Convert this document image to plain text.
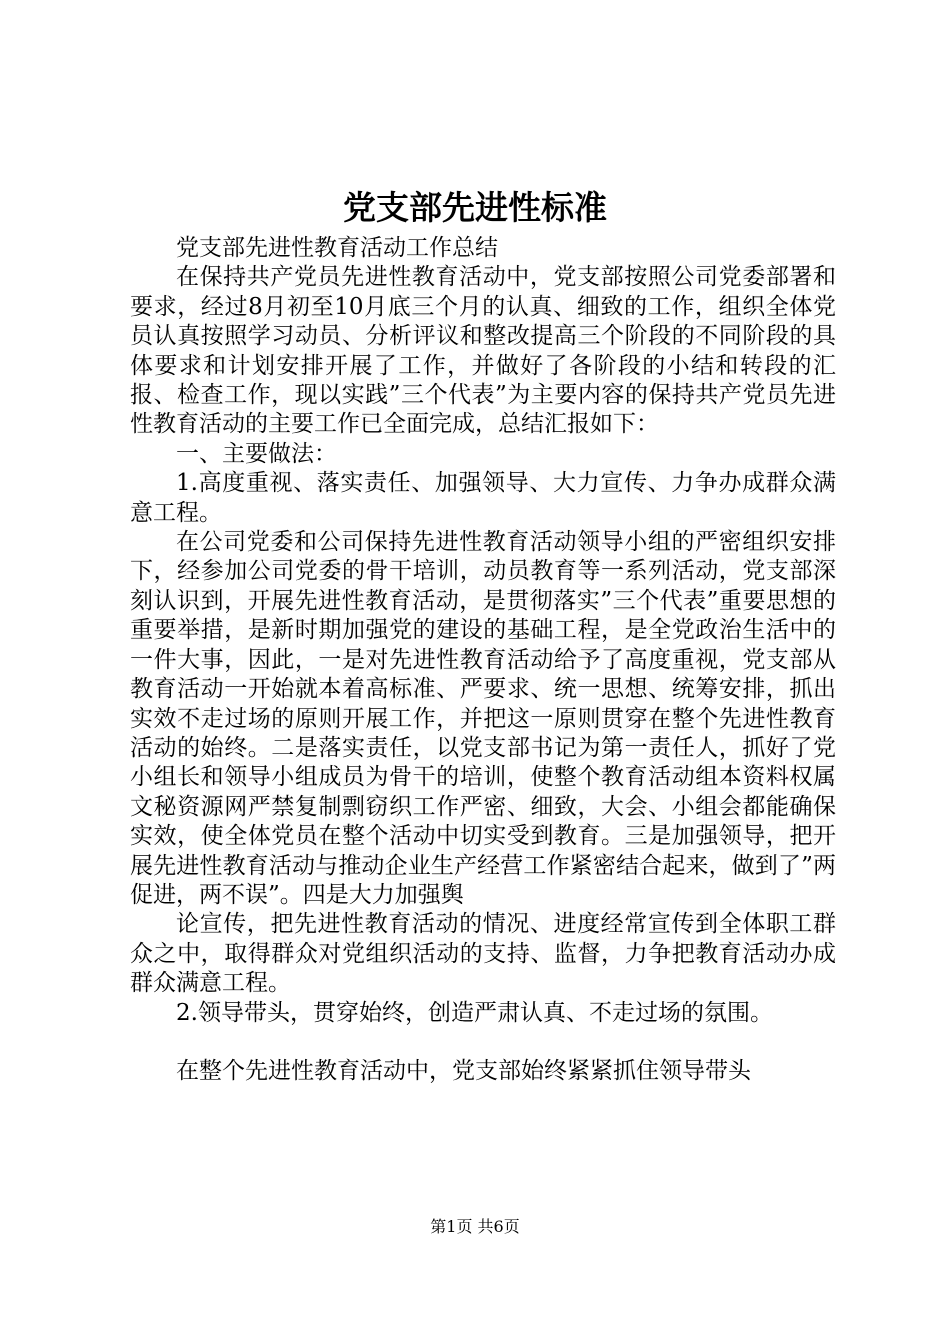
党支部先进性标准

党支部先进性教育活动工作总结

在保持共产党员先进性教育活动中，党支部按照公司党委部署和要求，经过8月初至10月底三个月的认真、细致的工作，组织全体党员认真按照学习动员、分析评议和整改提高三个阶段的不同阶段的具体要求和计划安排开展了工作，并做好了各阶段的小结和转段的汇报、检查工作，现以实践”三个代表”为主要内容的保持共产党员先进性教育活动的主要工作已全面完成，总结汇报如下：

一、主要做法：

1.高度重视、落实责任、加强领导、大力宣传、力争办成群众满意工程。

在公司党委和公司保持先进性教育活动领导小组的严密组织安排下，经参加公司党委的骨干培训，动员教育等一系列活动，党支部深刻认识到，开展先进性教育活动，是贯彻落实”三个代表”重要思想的重要举措，是新时期加强党的建设的基础工程，是全党政治生活中的一件大事，因此，一是对先进性教育活动给予了高度重视，党支部从教育活动一开始就本着高标准、严要求、统一思想、统筹安排，抓出实效不走过场的原则开展工作，并把这一原则贯穿在整个先进性教育活动的始终。二是落实责任，以党支部书记为第一责任人，抓好了党小组长和领导小组成员为骨干的培训，使整个教育活动组本资料权属文秘资源网严禁复制剽窃织工作严密、细致，大会、小组会都能确保实效，使全体党员在整个活动中切实受到教育。三是加强领导，把开展先进性教育活动与推动企业生产经营工作紧密结合起来，做到了”两促进，两不误”。四是大力加强舆

论宣传，把先进性教育活动的情况、进度经常宣传到全体职工群众之中，取得群众对党组织活动的支持、监督，力争把教育活动办成群众满意工程。

2.领导带头，贯穿始终，创造严肃认真、不走过场的氛围。

在整个先进性教育活动中，党支部始终紧紧抓住领导带头

第1页 共6页
